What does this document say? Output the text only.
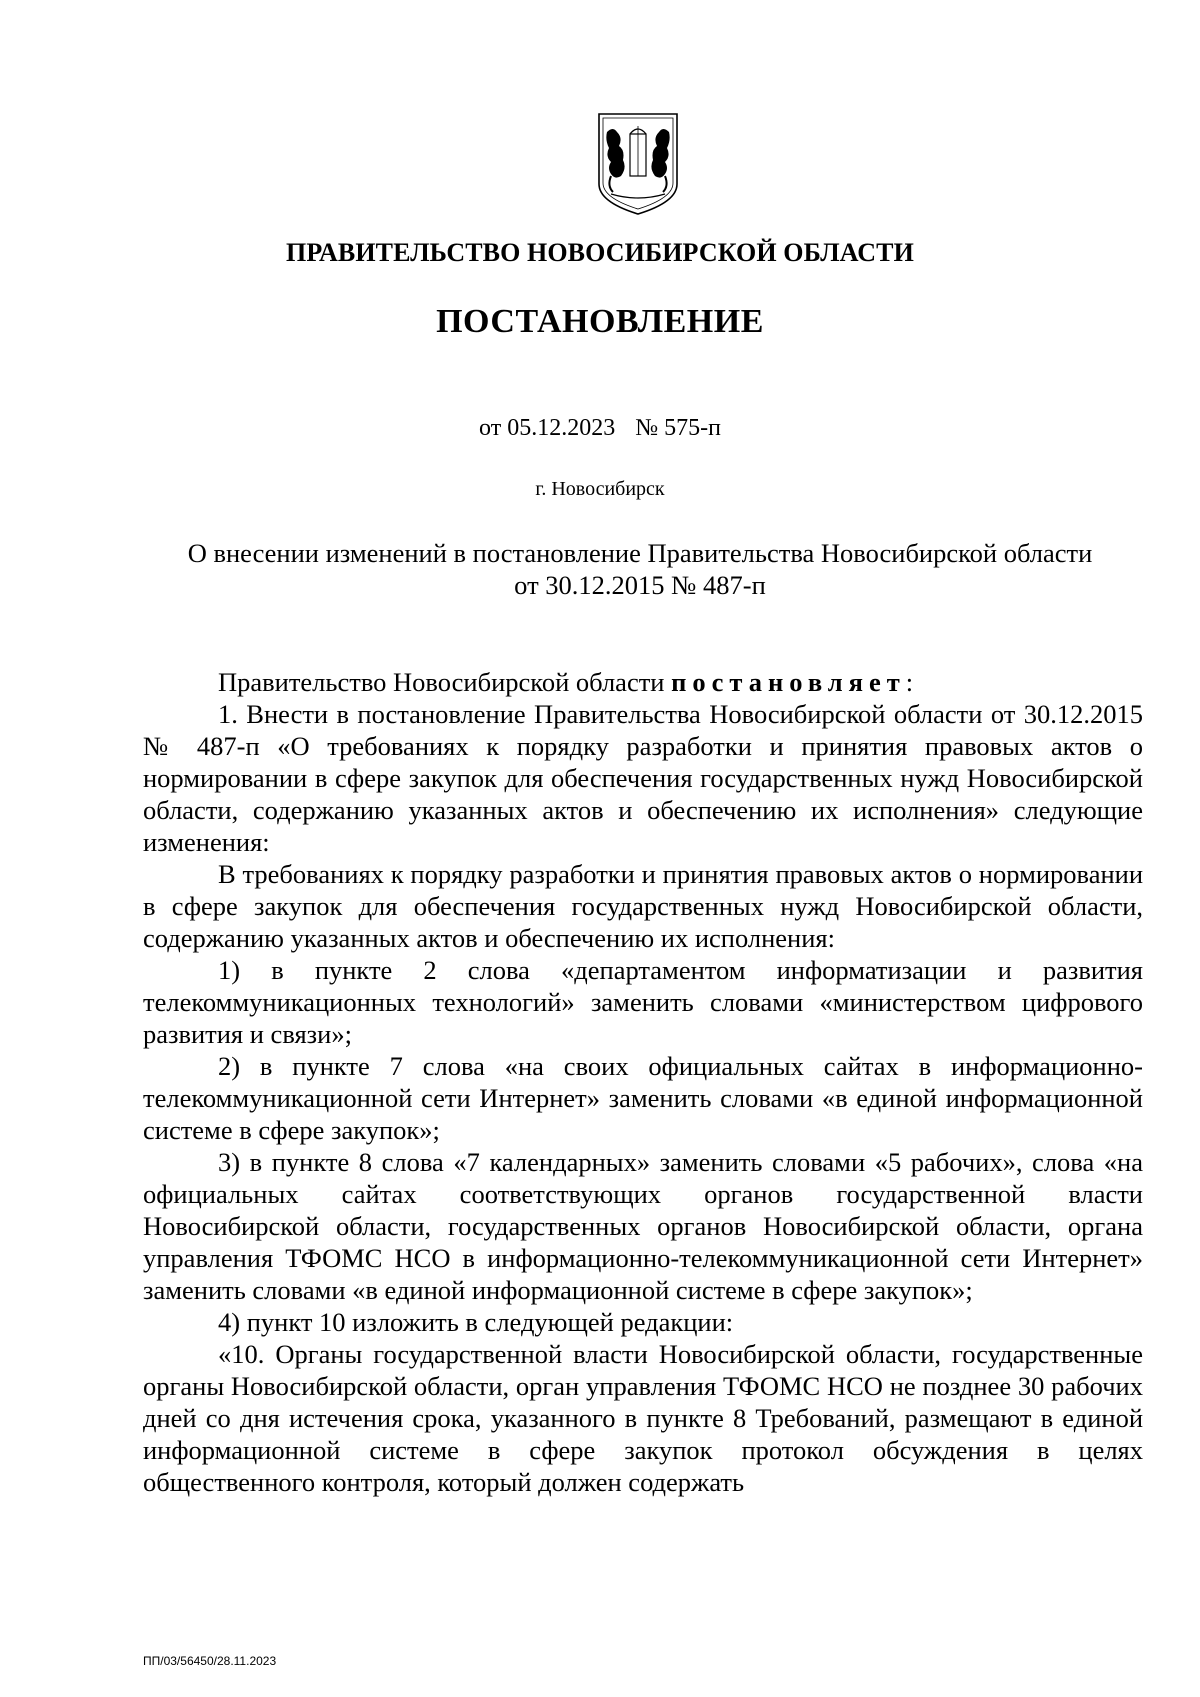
ПРАВИТЕЛЬСТВО НОВОСИБИРСКОЙ ОБЛАСТИ
ПОСТАНОВЛЕНИЕ
от 05.12.2023 № 575-п
г. Новосибирск
О внесении изменений в постановление Правительства Новосибирской области
от 30.12.2015 № 487-п

Правительство Новосибирской области постановляет:

1. Внести в постановление Правительства Новосибирской области от 30.12.2015 № 487-п «О требованиях к порядку разработки и принятия правовых актов о нормировании в сфере закупок для обеспечения государственных нужд Новосибирской области, содержанию указанных актов и обеспечению их исполнения» следующие изменения:

В требованиях к порядку разработки и принятия правовых актов о нормировании в сфере закупок для обеспечения государственных нужд Новосибирской области, содержанию указанных актов и обеспечению их исполнения:

1) в пункте 2 слова «департаментом информатизации и развития телекоммуникационных технологий» заменить словами «министерством цифрового развития и связи»;

2) в пункте 7 слова «на своих официальных сайтах в информационно-телекоммуникационной сети Интернет» заменить словами «в единой информационной системе в сфере закупок»;

3) в пункте 8 слова «7 календарных» заменить словами «5 рабочих», слова «на официальных сайтах соответствующих органов государственной власти Новосибирской области, государственных органов Новосибирской области, органа управления ТФОМС НСО в информационно-телекоммуникационной сети Интернет» заменить словами «в единой информационной системе в сфере закупок»;

4) пункт 10 изложить в следующей редакции:

«10. Органы государственной власти Новосибирской области, государственные органы Новосибирской области, орган управления ТФОМС НСО не позднее 30 рабочих дней со дня истечения срока, указанного в пункте 8 Требований, размещают в единой информационной системе в сфере закупок протокол обсуждения в целях общественного контроля, который должен содержать

ПП/03/56450/28.11.2023
